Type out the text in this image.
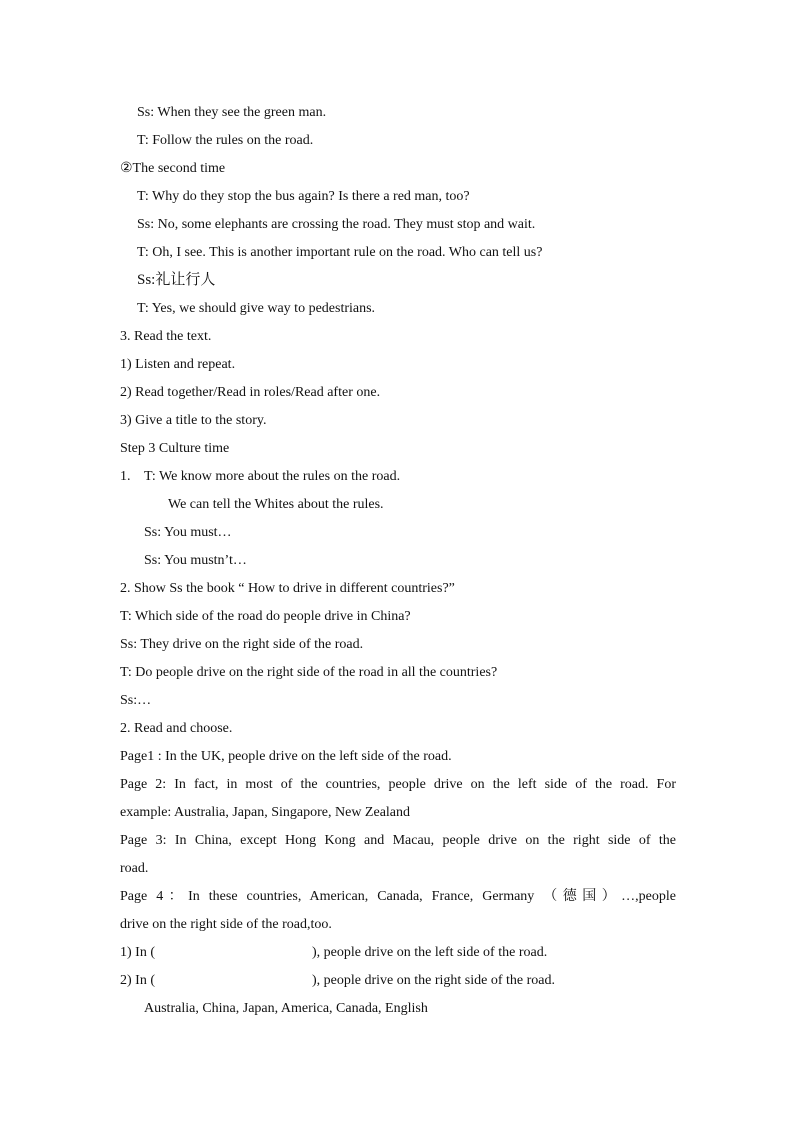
Ss: When they see the green man.
T: Follow the rules on the road.
②The second time
T: Why do they stop the bus again? Is there a red man, too?
Ss: No, some elephants are crossing the road. They must stop and wait.
T: Oh, I see. This is another important rule on the road. Who can tell us?
Ss:礼让行人
T: Yes, we should give way to pedestrians.
3. Read the text.
1) Listen and repeat.
2) Read together/Read in roles/Read after one.
3) Give a title to the story.
Step 3 Culture time
1. T: We know more about the rules on the road.
We can tell the Whites about the rules.
Ss: You must…
Ss: You mustn’t…
2. Show Ss the book “ How to drive in different countries?”
T: Which side of the road do people drive in China?
Ss: They drive on the right side of the road.
T: Do people drive on the right side of the road in all the countries?
Ss:…
2. Read and choose.
Page1 : In the UK, people drive on the left side of the road.
Page 2: In fact, in most of the countries, people drive on the left side of the road. For
example: Australia, Japan, Singapore, New Zealand
Page 3: In China, except Hong Kong and Macau, people drive on the right side of the
road.
Page 4：In these countries, American, Canada, France, Germany （德国）…,people
drive on the right side of the road,too.
1) In (	), people drive on the left side of the road.
2) In (	), people drive on the right side of the road.
Australia, China, Japan, America, Canada, English
